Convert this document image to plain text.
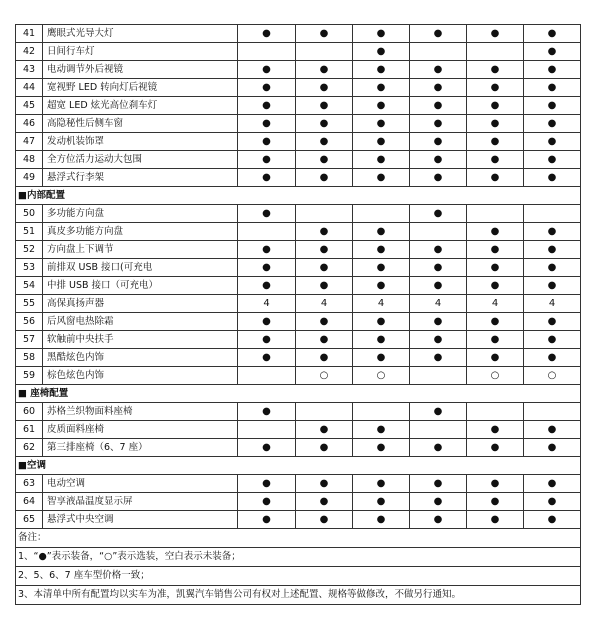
41	鹰眼式光导大灯	●	●	●	●	●	●
42	日间行车灯			●			●
43	电动调节外后视镜	●	●	●	●	●	●
44	宽视野 LED 转向灯后视镜	●	●	●	●	●	●
45	超宽 LED 炫光高位刹车灯	●	●	●	●	●	●
46	高隐秘性后侧车窗	●	●	●	●	●	●
47	发动机装饰罩	●	●	●	●	●	●
48	全方位活力运动大包围	●	●	●	●	●	●
49	悬浮式行李架	●	●	●	●	●	●
■内部配置							
50	多功能方向盘	●			●		
51	真皮多功能方向盘		●	●		●	●
52	方向盘上下调节	●	●	●	●	●	●
53	前排双 USB 接口(可充电	●	●	●	●	●	●
54	中排 USB 接口（可充电）	●	●	●	●	●	●
55	高保真扬声器	4	4	4	4	4	4
56	后风窗电热除霜	●	●	●	●	●	●
57	软触前中央扶手	●	●	●	●	●	●
58	黑酷炫色内饰	●	●	●	●	●	●
59	棕色炫色内饰		○	○		○	○
■ 座椅配置							
60	苏格兰织物面料座椅	●			●		
61	皮质面料座椅		●	●		●	●
62	第三排座椅（6、7 座）	●	●	●	●	●	●
■空调							
63	电动空调	●	●	●	●	●	●
64	智享液晶温度显示屏	●	●	●	●	●	●
65	悬浮式中央空调	●	●	●	●	●	●
备注：							
1、“●”表示装备，“○”表示选装，空白表示未装备；							
2、5、6、7 座车型价格一致；							
3、本清单中所有配置均以实车为准，凯翼汽车销售公司有权对上述配置、规格等做修改，不做另行通知。							
